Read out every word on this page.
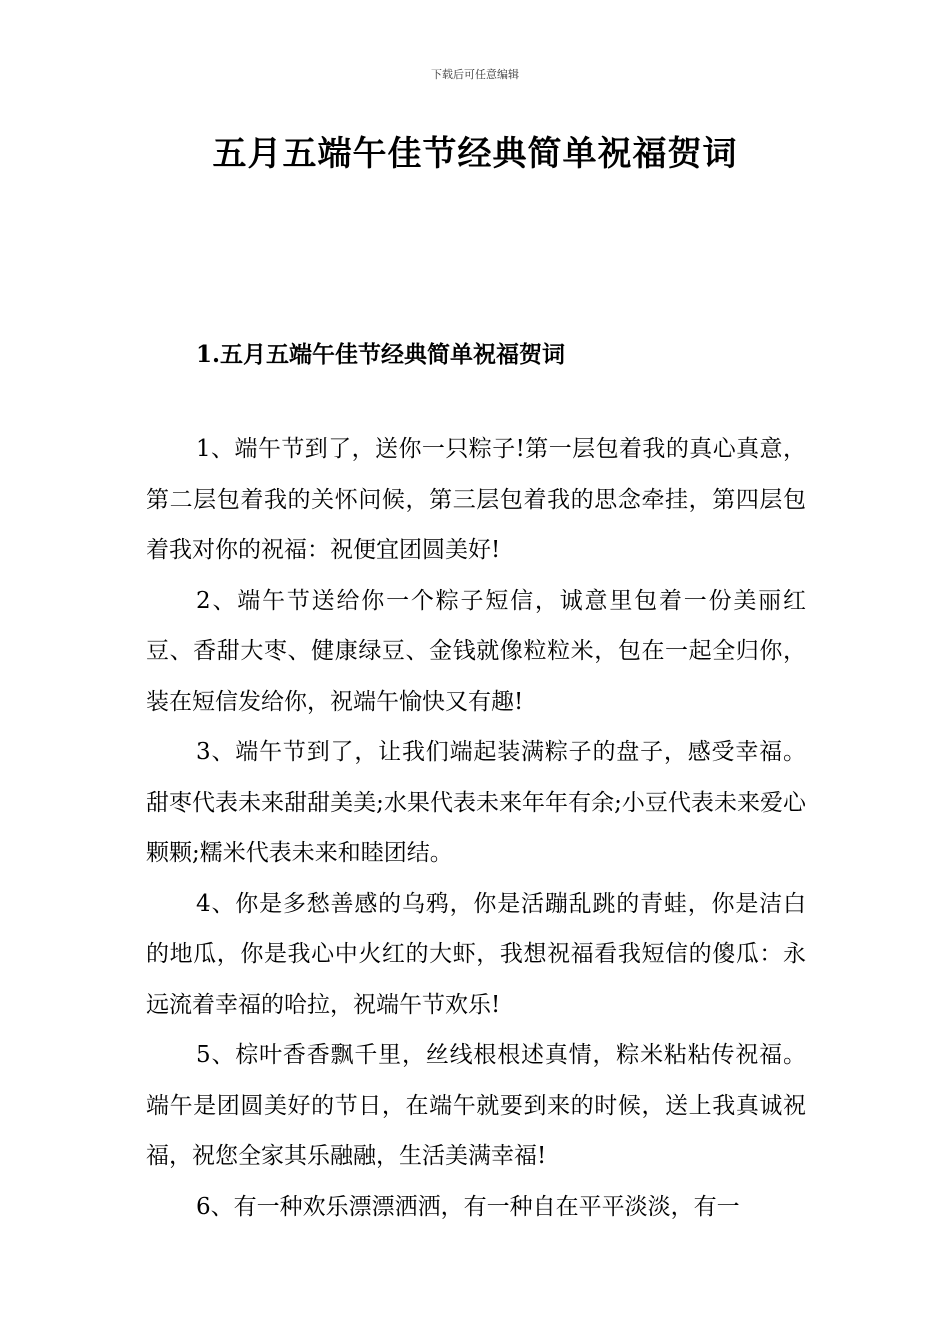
下载后可任意编辑
五月五端午佳节经典简单祝福贺词
1.五月五端午佳节经典简单祝福贺词

1、端午节到了，送你一只粽子!第一层包着我的真心真意，第二层包着我的关怀问候，第三层包着我的思念牵挂，第四层包着我对你的祝福：祝便宜团圆美好!

2、端午节送给你一个粽子短信，诚意里包着一份美丽红豆、香甜大枣、健康绿豆、金钱就像粒粒米，包在一起全归你，装在短信发给你，祝端午愉快又有趣!

3、端午节到了，让我们端起装满粽子的盘子，感受幸福。甜枣代表未来甜甜美美;水果代表未来年年有余;小豆代表未来爱心颗颗;糯米代表未来和睦团结。

4、你是多愁善感的乌鸦，你是活蹦乱跳的青蛙，你是洁白的地瓜，你是我心中火红的大虾，我想祝福看我短信的傻瓜：永远流着幸福的哈拉，祝端午节欢乐!

5、棕叶香香飘千里，丝线根根述真情，粽米粘粘传祝福。端午是团圆美好的节日，在端午就要到来的时候，送上我真诚祝福，祝您全家其乐融融，生活美满幸福!

6、有一种欢乐漂漂洒洒，有一种自在平平淡淡，有一
